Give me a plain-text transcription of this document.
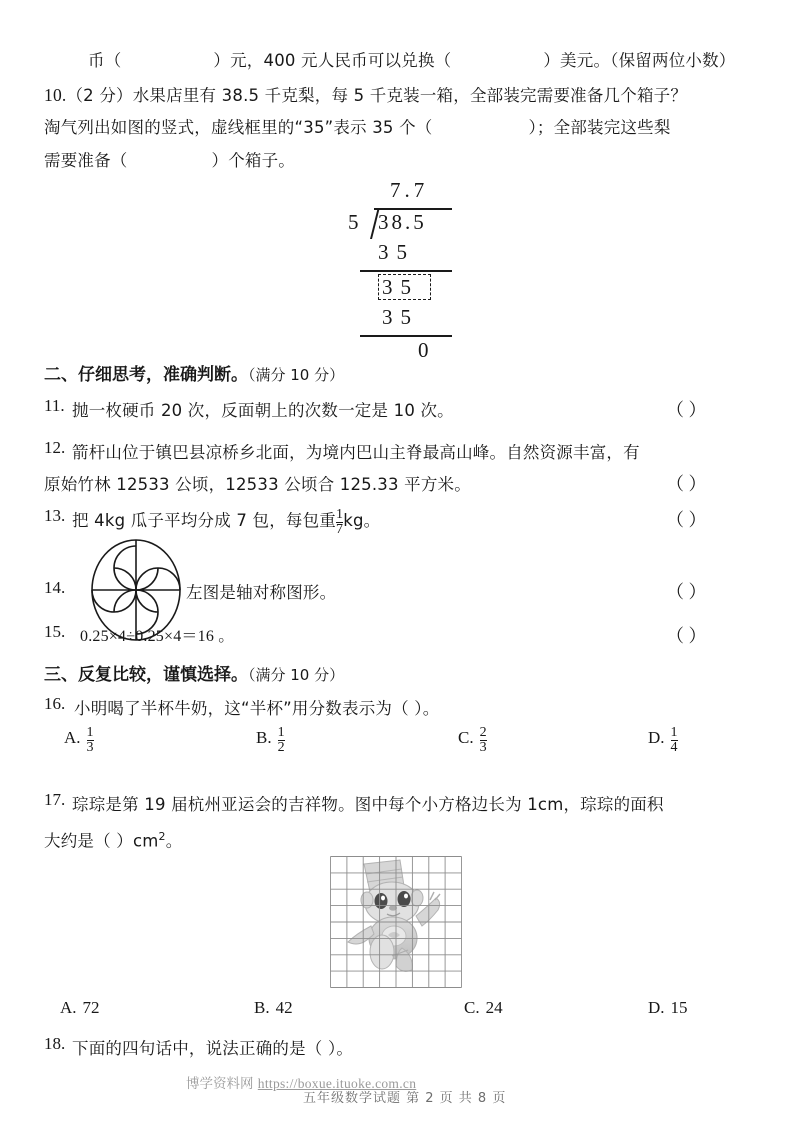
币（	）元，400 元人民币可以兑换（	）美元。（保留两位小数）
10.（2 分）水果店里有 38.5 千克梨，每 5 千克装一箱，全部装完需要准备几个箱子？
淘气列出如图的竖式，虚线框里的“35”表示 35 个（	）；全部装完这些梨
需要准备（	）个箱子。
7.7
5 38.5
35
35
35
0
二、仔细思考，准确判断。（满分 10 分）
11. 抛一枚硬币 20 次，反面朝上的次数一定是 10 次。	（ ）
12. 箭杆山位于镇巴县凉桥乡北面，为境内巴山主脊最高山峰。自然资源丰富，有
原始竹林 12533 公顷，12533 公顷合 125.33 平方米。	（ ）
13. 把 4kg 瓜子平均分成 7 包，每包重 $\frac{1}{7}$ kg。	（ ）
14.	左图是轴对称图形。	（ ）
15. 0.25×4÷0.25×4＝16 。	（ ）
三、反复比较，谨慎选择。（满分 10 分）
16. 小明喝了半杯牛奶，这“半杯”用分数表示为（ ）。
A. $\frac{1}{3}$	B. $\frac{1}{2}$	C. $\frac{2}{3}$	D. $\frac{1}{4}$
17. 琮琮是第 19 届杭州亚运会的吉祥物。图中每个小方格边长为 1cm，琮琮的面积
大约是（ ）$cm^2$。
A. 72	B. 42	C. 24	D. 15
18. 下面的四句话中，说法正确的是（ ）。
博学资料网 https://boxue.ituoke.com.cn
五年级数学试题 第 2 页 共 8 页
